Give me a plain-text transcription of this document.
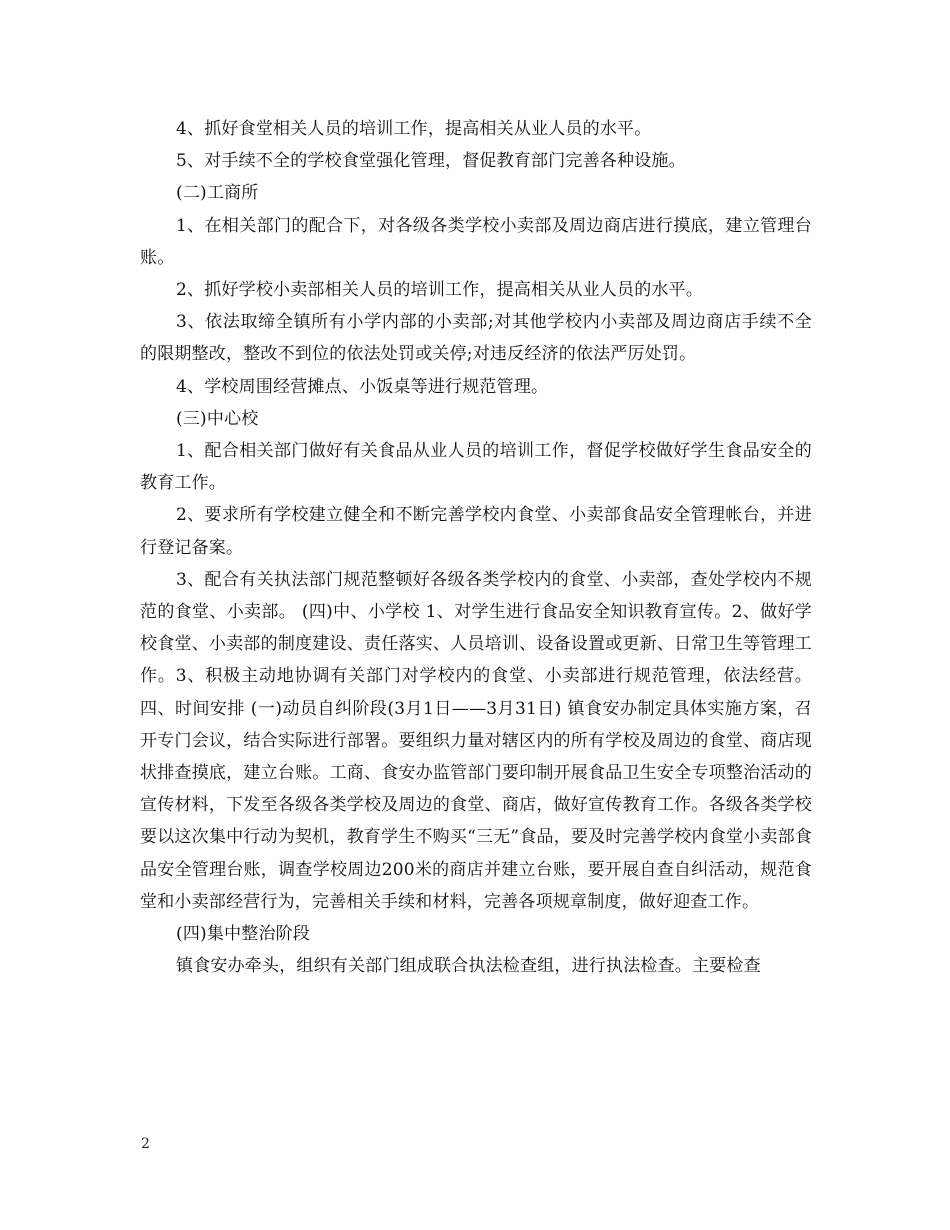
4、抓好食堂相关人员的培训工作，提高相关从业人员的水平。

5、对手续不全的学校食堂强化管理，督促教育部门完善各种设施。

(二)工商所

1、在相关部门的配合下，对各级各类学校小卖部及周边商店进行摸底，建立管理台账。

2、抓好学校小卖部相关人员的培训工作，提高相关从业人员的水平。

3、依法取缔全镇所有小学内部的小卖部;对其他学校内小卖部及周边商店手续不全的限期整改，整改不到位的依法处罚或关停;对违反经济的依法严厉处罚。

4、学校周围经营摊点、小饭桌等进行规范管理。

(三)中心校

1、配合相关部门做好有关食品从业人员的培训工作，督促学校做好学生食品安全的教育工作。

2、要求所有学校建立健全和不断完善学校内食堂、小卖部食品安全管理帐台，并进行登记备案。

3、配合有关执法部门规范整顿好各级各类学校内的食堂、小卖部，查处学校内不规范的食堂、小卖部。 (四)中、小学校 1、对学生进行食品安全知识教育宣传。2、做好学校食堂、小卖部的制度建设、责任落实、人员培训、设备设置或更新、日常卫生等管理工作。3、积极主动地协调有关部门对学校内的食堂、小卖部进行规范管理，依法经营。 四、时间安排 (一)动员自纠阶段(3月1日——3月31日) 镇食安办制定具体实施方案，召开专门会议，结合实际进行部署。要组织力量对辖区内的所有学校及周边的食堂、商店现状排查摸底，建立台账。工商、食安办监管部门要印制开展食品卫生安全专项整治活动的宣传材料，下发至各级各类学校及周边的食堂、商店，做好宣传教育工作。各级各类学校要以这次集中行动为契机，教育学生不购买“三无”食品，要及时完善学校内食堂小卖部食品安全管理台账，调查学校周边200米的商店并建立台账，要开展自查自纠活动，规范食堂和小卖部经营行为，完善相关手续和材料，完善各项规章制度，做好迎查工作。

(四)集中整治阶段

镇食安办牵头，组织有关部门组成联合执法检查组，进行执法检查。主要检查

2
